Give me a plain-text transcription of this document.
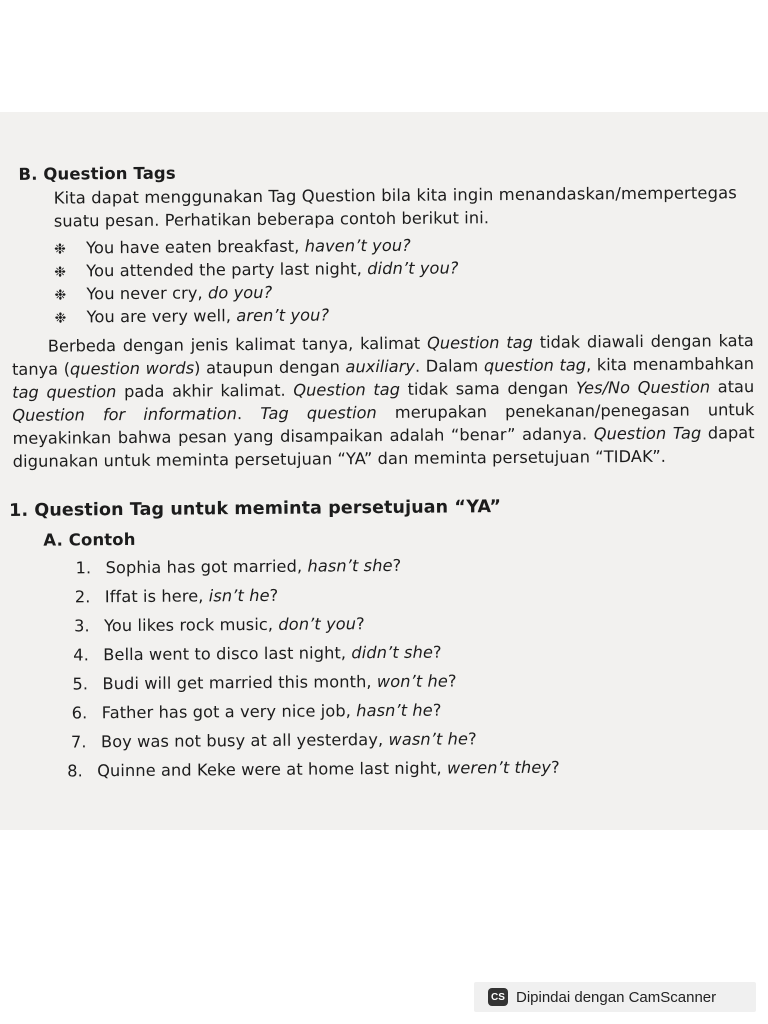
B. Question Tags
Kita dapat menggunakan Tag Question bila kita ingin menandaskan/mempertegas
suatu pesan. Perhatikan beberapa contoh berikut ini.
❉ You have eaten breakfast, haven’t you?
❉ You attended the party last night, didn’t you?
❉ You never cry, do you?
❉ You are very well, aren’t you?
Berbeda dengan jenis kalimat tanya, kalimat Question tag tidak diawali dengan kata
tanya (question words) ataupun dengan auxiliary. Dalam question tag, kita menambahkan
tag question pada akhir kalimat. Question tag tidak sama dengan Yes/No Question atau
Question for information. Tag question merupakan penekanan/penegasan untuk
meyakinkan bahwa pesan yang disampaikan adalah “benar” adanya. Question Tag dapat
digunakan untuk meminta persetujuan “YA” dan meminta persetujuan “TIDAK”.
1. Question Tag untuk meminta persetujuan “YA”
A. Contoh
1. Sophia has got married, hasn’t she?
2. Iffat is here, isn’t he?
3. You likes rock music, don’t you?
4. Bella went to disco last night, didn’t she?
5. Budi will get married this month, won’t he?
6. Father has got a very nice job, hasn’t he?
7. Boy was not busy at all yesterday, wasn’t he?
8. Quinne and Keke were at home last night, weren’t they?
CS Dipindai dengan CamScanner
